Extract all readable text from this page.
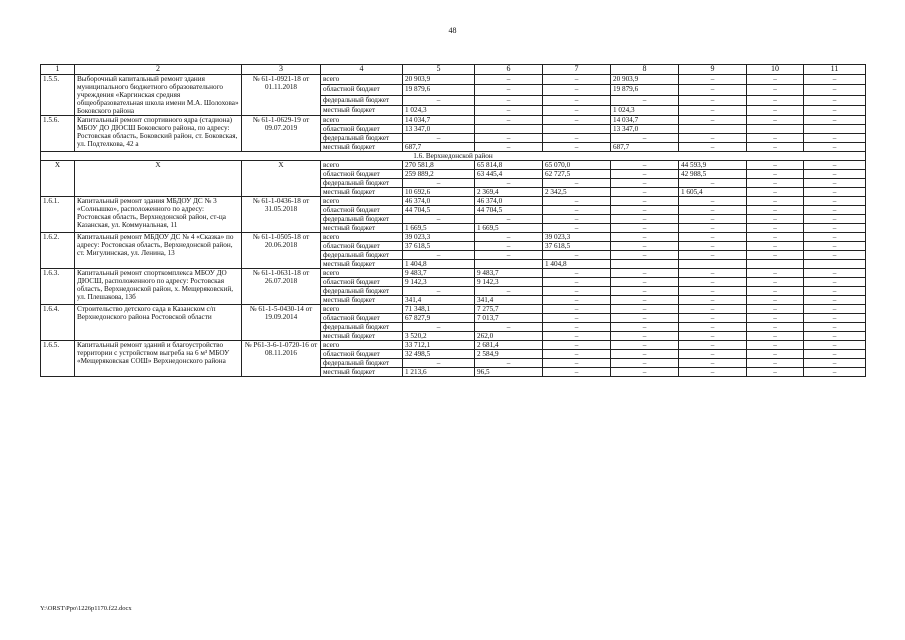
48
1	2	3	4	5	6	7	8	9	10	11
1.5.5.	Выборочный капитальный ремонт здания муниципального бюджетного образовательного учреждения «Каргинская средняя общеобразовательная школа имени М.А. Шолохова» Боковского района	№ 61-1-0921-18 от 01.11.2018	всего	20 903,9	–	–	20 903,9	–	–	–
			областной бюджет	19 879,6	–	–	19 879,6	–	–	–
			федеральный бюджет	–	–	–	–	–	–	–
			местный бюджет	1 024,3	–	–	1 024,3	–	–	–
1.5.6.	Капитальный ремонт спортивного ядра (стадиона) МБОУ ДО ДЮСШ Боковского района, по адресу: Ростовская область, Боковский район, ст. Боковская, ул. Подтелкова, 42 а	№ 61-1-0629-19 от 09.07.2019	всего	14 034,7	–	–	14 034,7	–	–	–
			областной бюджет	13 347,0			13 347,0			
			федеральный бюджет	–	–	–	–	–	–	–
			местный бюджет	687,7	–	–	687,7	–	–	–
1.6. Верхнедонской район										
Х	Х	Х	всего	270 581,8	65 814,8	65 070,0	–	44 593,9	–	–
			областной бюджет	259 889,2	63 445,4	62 727,5	–	42 988,5	–	–
			федеральный бюджет	–	–	–	–	–	–	–
			местный бюджет	10 692,6	2 369,4	2 342,5	–	1 605,4	–	–
1.6.1.	Капитальный ремонт здания МБДОУ ДС № 3 «Солнышко», расположенного по адресу: Ростовская область, Верхнедонской район, ст-ца Казанская, ул. Коммунальная, 11	№ 61-1-0436-18 от 31.05.2018	всего	46 374,0	46 374,0	–	–	–	–	–
			областной бюджет	44 704,5	44 704,5	–	–	–	–	–
			федеральный бюджет	–	–	–	–	–	–	–
			местный бюджет	1 669,5	1 669,5	–	–	–	–	–
1.6.2.	Капитальный ремонт МБДОУ ДС № 4 «Сказка» по адресу: Ростовская область, Верхнедонской район, ст. Мигулинская, ул. Ленина, 13	№ 61-1-0505-18 от 20.06.2018	всего	39 023,3	–	39 023,3	–	–	–	–
			областной бюджет	37 618,5	–	37 618,5	–	–	–	–
			федеральный бюджет	–	–	–	–	–	–	–
			местный бюджет	1 404,8		1 404,8				
1.6.3.	Капитальный ремонт спорткомплекса МБОУ ДО ДЮСШ, расположенного по адресу: Ростовская область, Верхнедонской район, х. Мещеряковский, ул. Плешакова, 13б	№ 61-1-0631-18 от 26.07.2018	всего	9 483,7	9 483,7	–	–	–	–	–
			областной бюджет	9 142,3	9 142,3	–	–	–	–	–
			федеральный бюджет	–	–	–	–	–	–	–
			местный бюджет	341,4	341,4	–	–	–	–	–
1.6.4.	Строительство детского сада в Казанском с/п Верхнедонского района Ростовской области	№ 61-1-5-0430-14 от 19.09.2014	всего	71 348,1	7 275,7	–	–	–	–	–
			областной бюджет	67 827,9	7 013,7	–	–	–	–	–
			федеральный бюджет	–	–	–	–	–	–	–
			местный бюджет	3 520,2	262,0	–	–	–	–	–
1.6.5.	Капитальный ремонт зданий и благоустройство территории с устройством выгреба на 6 м³ МБОУ «Мещеряковская СОШ» Верхнедонского района	№ Р61-3-6-1-0720-16 от 08.11.2016	всего	33 712,1	2 681,4	–	–	–	–	–
			областной бюджет	32 498,5	2 584,9	–	–	–	–	–
			федеральный бюджет	–	–	–	–	–	–	–
			местный бюджет	1 213,6	96,5	–	–	–	–	–
Y:\ORST\Ppo\1226p1170.f22.docx
